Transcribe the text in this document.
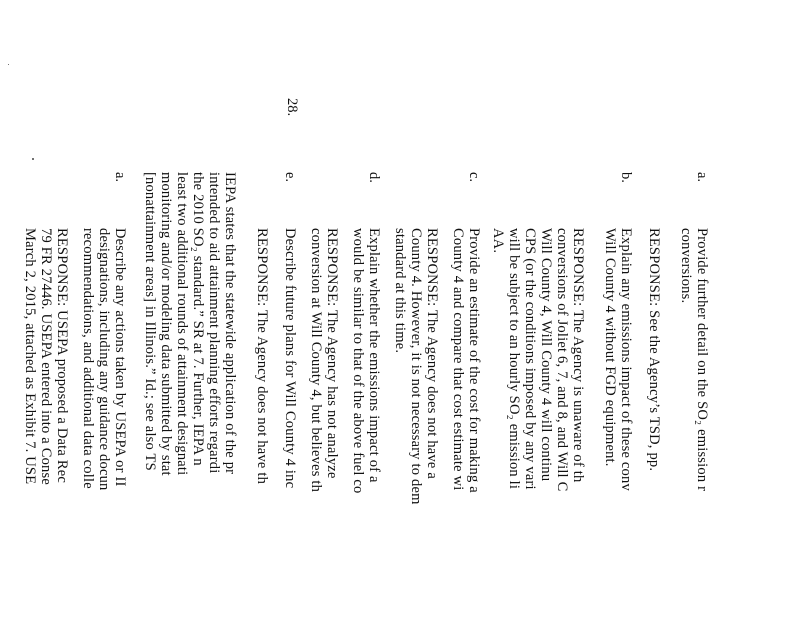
28.
a.
Provide further detail on the SO₂ emission r
conversions.
RESPONSE: See the Agency’s TSD, pp.
b.
Explain any emissions impact of these conv
Will County 4 without FGD equipment.
RESPONSE: The Agency is unaware of th
conversions of Joliet 6, 7, and 8, and Will C
Will County 4, Will County 4 will continu
CPS (or the conditions imposed by any vari
will be subject to an hourly SO₂ emission li
AA.
c.
Provide an estimate of the cost for making a
County 4 and compare that cost estimate wi
RESPONSE: The Agency does not have a
County 4. However, it is not necessary to dem
standard at this time.
d.
Explain whether the emissions impact of a
would be similar to that of the above fuel co
RESPONSE: The Agency has not analyze
conversion at Will County 4, but believes th
e.
Describe future plans for Will County 4 inc
RESPONSE: The Agency does not have th
IEPA states that the statewide application of the pr
intended to aid attainment planning efforts regardi
the 2010 SO₂ standard.” SR at 7. Further, IEPA n
least two additional rounds of attainment designati
monitoring and/or modeling data submitted by stat
[nonattainment areas] in Illinois.” Id.; see also TS
a.
Describe any actions taken by USEPA or II
designations, including any guidance docun
recommendations, and additional data colle
RESPONSE: USEPA proposed a Data Rec
79 FR 27446. USEPA entered into a Conse
March 2, 2015, attached as Exhibit 7. USE
